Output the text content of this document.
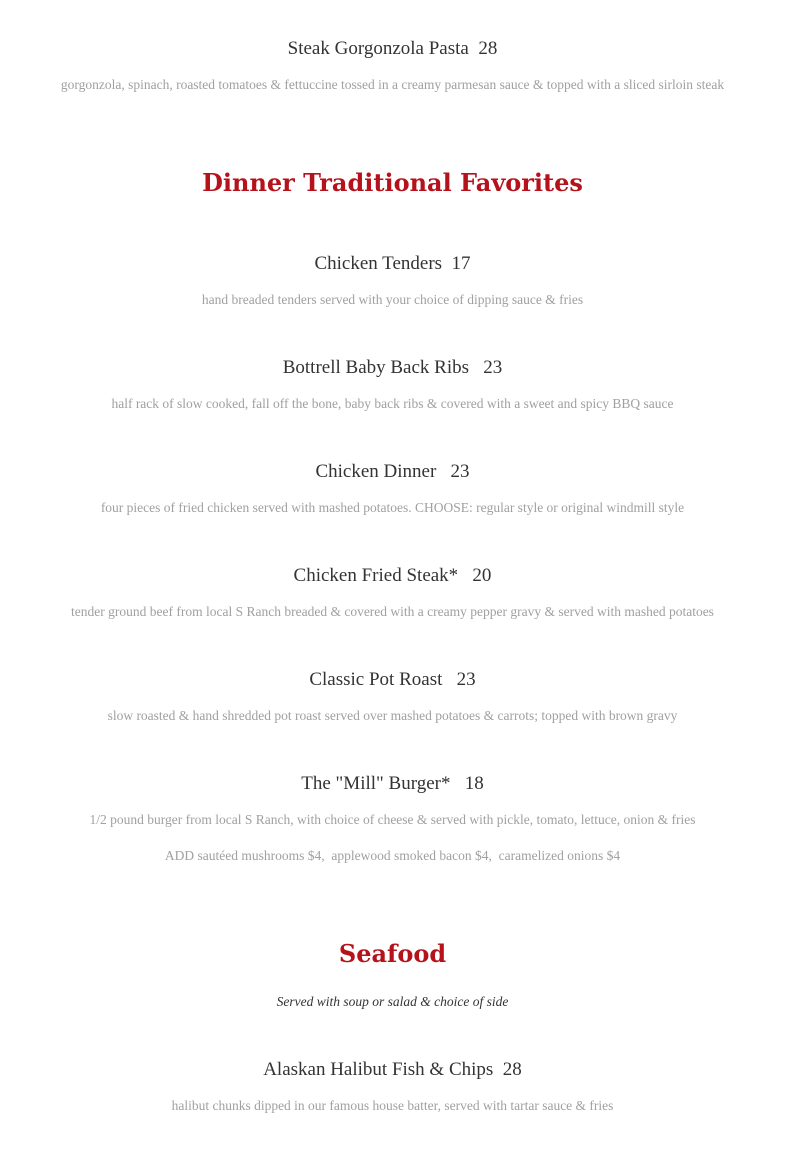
Steak Gorgonzola Pasta  28
gorgonzola, spinach, roasted tomatoes & fettuccine tossed in a creamy parmesan sauce & topped with a sliced sirloin steak
Dinner Traditional Favorites
Chicken Tenders  17
hand breaded tenders served with your choice of dipping sauce & fries
Bottrell Baby Back Ribs   23
half rack of slow cooked, fall off the bone, baby back ribs & covered with a sweet and spicy BBQ sauce
Chicken Dinner   23
four pieces of fried chicken served with mashed potatoes. CHOOSE: regular style or original windmill style
Chicken Fried Steak*   20
tender ground beef from local S Ranch breaded & covered with a creamy pepper gravy & served with mashed potatoes
Classic Pot Roast   23
slow roasted & hand shredded pot roast served over mashed potatoes & carrots; topped with brown gravy
The "Mill" Burger*   18
1/2 pound burger from local S Ranch, with choice of cheese & served with pickle, tomato, lettuce, onion & fries
ADD sautéed mushrooms $4,  applewood smoked bacon $4,  caramelized onions $4
Seafood
Served with soup or salad & choice of side
Alaskan Halibut Fish & Chips  28
halibut chunks dipped in our famous house batter, served with tartar sauce & fries
